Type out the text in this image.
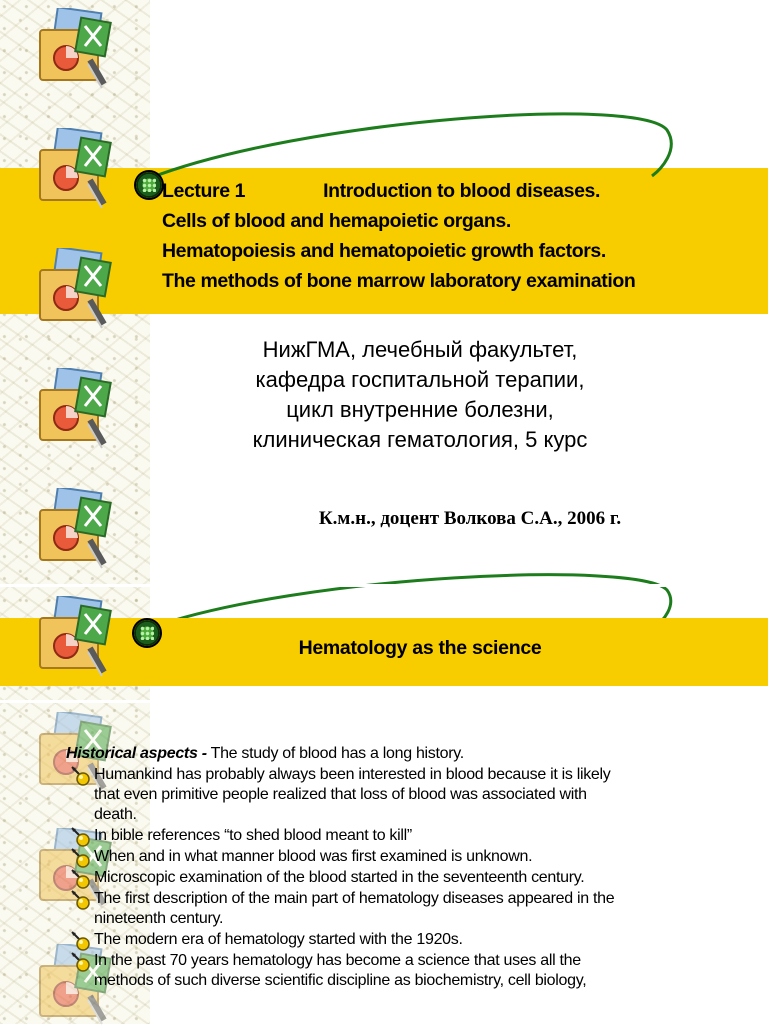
Lecture 1	Introduction to blood diseases.
Cells of blood and hemapoietic organs.
Hematopoiesis and hematopoietic growth factors.
The methods of bone marrow laboratory examination
НижГМА, лечебный факультет,
кафедра госпитальной терапии,
цикл внутренние болезни,
клиническая гематология, 5 курс
К.м.н., доцент Волкова С.А., 2006 г.
Hematology as the science
Historical aspects - The study of blood has a long history.
Humankind has probably always been interested in blood because it is likely
that even primitive people realized that loss of blood was associated with
death.
In bible references “to shed blood meant to kill”
When and in what manner blood was first examined is unknown.
Microscopic examination of the blood started in the seventeenth century.
The first description of the main part of hematology diseases appeared in the
nineteenth century.
The modern era of hematology started with the 1920s.
In the past 70 years hematology has become a science that uses all the
methods of such diverse scientific discipline as biochemistry, cell biology,
